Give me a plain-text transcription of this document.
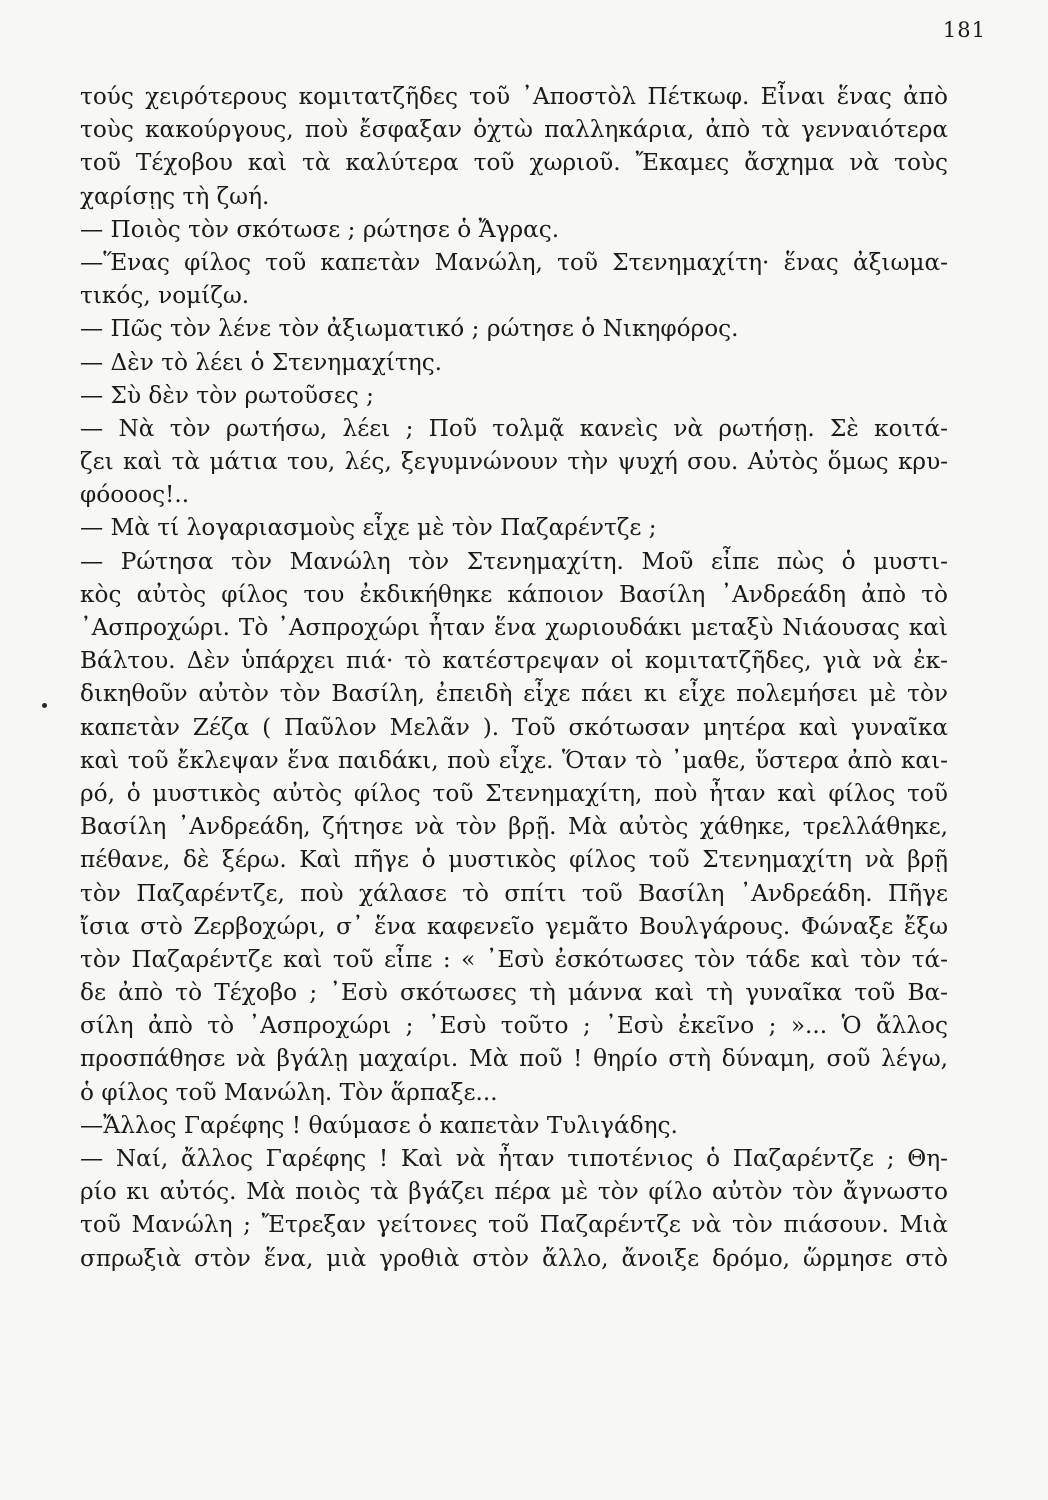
181
τούς χειρότερους κομιτατζῆδες τοῦ ᾿Αποστὸλ Πέτκωφ. Εἶναι ἕνας ἀπὸ
τοὺς κακούργους, ποὺ ἔσφαξαν ὀχτὼ παλληκάρια, ἀπὸ τὰ γενναιότερα
τοῦ Τέχοβου καὶ τὰ καλύτερα τοῦ χωριοῦ. Ἔκαμες ἄσχημα νὰ τοὺς
χαρίσῃς τὴ ζωή.
— Ποιὸς τὸν σκότωσε ; ρώτησε ὁ Ἄγρας.
—Ἕνας φίλος τοῦ καπετὰν Μανώλη, τοῦ Στενημαχίτη· ἕνας ἀξιωμα-
τικός, νομίζω.
— Πῶς τὸν λένε τὸν ἀξιωματικό ; ρώτησε ὁ Νικηφόρος.
— Δὲν τὸ λέει ὁ Στενημαχίτης.
— Σὺ δὲν τὸν ρωτοῦσες ;
— Νὰ τὸν ρωτήσω, λέει ; Ποῦ τολμᾷ κανεὶς νὰ ρωτήσῃ. Σὲ κοιτά-
ζει καὶ τὰ μάτια του, λές, ξεγυμνώνουν τὴν ψυχή σου. Αὐτὸς ὅμως κρυ-
φόοοος!..
— Μὰ τί λογαριασμοὺς εἶχε μὲ τὸν Παζαρέντζε ;
— Ρώτησα τὸν Μανώλη τὸν Στενημαχίτη. Μοῦ εἶπε πὼς ὁ μυστι-
κὸς αὐτὸς φίλος του ἐκδικήθηκε κάποιον Βασίλη ᾿Ανδρεάδη ἀπὸ τὸ
᾿Ασπροχώρι. Τὸ ᾿Ασπροχώρι ἦταν ἕνα χωριουδάκι μεταξὺ Νιάουσας καὶ
Βάλτου. Δὲν ὑπάρχει πιά· τὸ κατέστρεψαν οἱ κομιτατζῆδες, γιὰ νὰ ἐκ-
δικηθοῦν αὐτὸν τὸν Βασίλη, ἐπειδὴ εἶχε πάει κι εἶχε πολεμήσει μὲ τὸν
καπετὰν Ζέζα ( Παῦλον Μελᾶν ). Τοῦ σκότωσαν μητέρα καὶ γυναῖκα
καὶ τοῦ ἔκλεψαν ἕνα παιδάκι, ποὺ εἶχε. Ὅταν τὸ ᾿μαθε, ὕστερα ἀπὸ και-
ρό, ὁ μυστικὸς αὐτὸς φίλος τοῦ Στενημαχίτη, ποὺ ἦταν καὶ φίλος τοῦ
Βασίλη ᾿Ανδρεάδη, ζήτησε νὰ τὸν βρῇ. Μὰ αὐτὸς χάθηκε, τρελλάθηκε,
πέθανε, δὲ ξέρω. Καὶ πῆγε ὁ μυστικὸς φίλος τοῦ Στενημαχίτη νὰ βρῇ
τὸν Παζαρέντζε, ποὺ χάλασε τὸ σπίτι τοῦ Βασίλη ᾿Ανδρεάδη. Πῆγε
ἴσια στὸ Ζερβοχώρι, σ᾿ ἕνα καφενεῖο γεμᾶτο Βουλγάρους. Φώναξε ἔξω
τὸν Παζαρέντζε καὶ τοῦ εἶπε : « ᾿Εσὺ ἐσκότωσες τὸν τάδε καὶ τὸν τά-
δε ἀπὸ τὸ Τέχοβο ; ᾿Εσὺ σκότωσες τὴ μάννα καὶ τὴ γυναῖκα τοῦ Βα-
σίλη ἀπὸ τὸ ᾿Ασπροχώρι ; ᾿Εσὺ τοῦτο ; ᾿Εσὺ ἐκεῖνο ; »... Ὁ ἄλλος
προσπάθησε νὰ βγάλῃ μαχαίρι. Μὰ ποῦ ! θηρίο στὴ δύναμη, σοῦ λέγω,
ὁ φίλος τοῦ Μανώλη. Τὸν ἅρπαξε...
—Ἄλλος Γαρέφης ! θαύμασε ὁ καπετὰν Τυλιγάδης.
— Ναί, ἄλλος Γαρέφης ! Καὶ νὰ ἦταν τιποτένιος ὁ Παζαρέντζε ; Θη-
ρίο κι αὐτός. Μὰ ποιὸς τὰ βγάζει πέρα μὲ τὸν φίλο αὐτὸν τὸν ἄγνωστο
τοῦ Μανώλη ; Ἔτρεξαν γείτονες τοῦ Παζαρέντζε νὰ τὸν πιάσουν. Μιὰ
σπρωξιὰ στὸν ἕνα, μιὰ γροθιὰ στὸν ἄλλο, ἄνοιξε δρόμο, ὥρμησε στὸ
